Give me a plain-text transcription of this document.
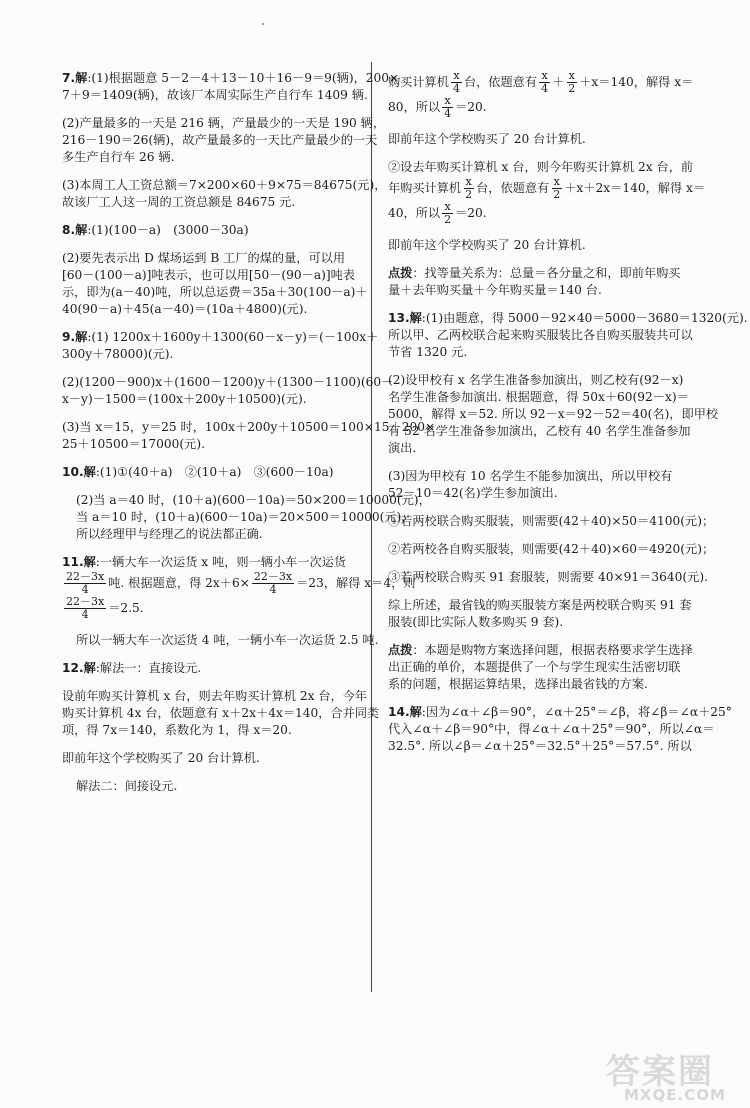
7.解:(1)根据题意 5－2－4＋13－10＋16－9＝9(辆)，200×
7＋9＝1409(辆)，故该厂本周实际生产自行车 1409 辆.
(2)产量最多的一天是 216 辆，产量最少的一天是 190 辆，
216－190＝26(辆)，故产量最多的一天比产量最少的一天
多生产自行车 26 辆.
(3)本周工人工资总额＝7×200×60＋9×75＝84675(元)，
故该厂工人这一周的工资总额是 84675 元.
8.解:(1)(100－a)　(3000－30a)
(2)要先表示出 D 煤场运到 B 工厂的煤的量，可以用
[60－(100－a)]吨表示，也可以用[50－(90－a)]吨表
示，即为(a－40)吨，所以总运费＝35a＋30(100－a)＋
40(90－a)＋45(a－40)＝(10a＋4800)(元).
9.解:(1) 1200x＋1600y＋1300(60－x－y)＝(－100x＋
300y＋78000)(元).
(2)(1200－900)x＋(1600－1200)y＋(1300－1100)(60－
x－y)－1500＝(100x＋200y＋10500)(元).
(3)当 x＝15，y＝25 时，100x＋200y＋10500＝100×15＋200×
25＋10500＝17000(元).
10.解:(1)①(40＋a)　②(10＋a)　③(600－10a)
(2)当 a＝40 时，(10＋a)(600－10a)＝50×200＝10000(元)，
当 a＝10 时，(10＋a)(600－10a)＝20×500＝10000(元)，
所以经理甲与经理乙的说法都正确.
11.解:一辆大车一次运货 x 吨，则一辆小车一次运货
$\frac{22-3x}{4}$ 吨. 根据题意，得 $2x+6\times \frac{22-3x}{4} =23$，解得 x＝4，则
$\frac{22-3x}{4} =2.5$.
所以一辆大车一次运货 4 吨，一辆小车一次运货 2.5 吨.
12.解:解法一：直接设元.
设前年购买计算机 x 台，则去年购买计算机 2x 台，今年
购买计算机 4x 台，依题意有 x＋2x＋4x＝140，合并同类
项，得 7x＝140，系数化为 1，得 x＝20.
即前年这个学校购买了 20 台计算机.
解法二：间接设元.
购买计算机 $\frac{x}{4}$ 台，依题意有 $\frac{x}{4} + \frac{x}{2} +x=140$，解得 x＝
80，所以 $\frac{x}{4} =20$.
即前年这个学校购买了 20 台计算机.
②设去年购买计算机 x 台，则今年购买计算机 2x 台，前
年购买计算机 $\frac{x}{2}$ 台，依题意有 $\frac{x}{2} +x+2x=140$，解得 x＝
40，所以 $\frac{x}{2} =20$.
即前年这个学校购买了 20 台计算机.
点拨：找等量关系为：总量＝各分量之和，即前年购买
量＋去年购买量＋今年购买量＝140 台.
13.解:(1)由题意，得 5000－92×40＝5000－3680＝1320(元).
所以甲、乙两校联合起来购买服装比各自购买服装共可以
节省 1320 元.
(2)设甲校有 x 名学生准备参加演出，则乙校有(92－x)
名学生准备参加演出. 根据题意，得 50x＋60(92－x)＝
5000，解得 x＝52. 所以 92－x＝92－52＝40(名)，即甲校
有 52 名学生准备参加演出，乙校有 40 名学生准备参加
演出.
(3)因为甲校有 10 名学生不能参加演出，所以甲校有
52－10＝42(名)学生参加演出.
①若两校联合购买服装，则需要(42＋40)×50＝4100(元)；
②若两校各自购买服装，则需要(42＋40)×60＝4920(元)；
③若两校联合购买 91 套服装，则需要 40×91＝3640(元).
综上所述，最省钱的购买服装方案是两校联合购买 91 套
服装(即比实际人数多购买 9 套).
点拨：本题是购物方案选择问题，根据表格要求学生选择
出正确的单价，本题提供了一个与学生现实生活密切联
系的问题，根据运算结果，选择出最省钱的方案.
14.解:因为∠α＋∠β＝90°，∠α＋25°＝∠β，将∠β＝∠α＋25°
代入∠α＋∠β＝90°中，得∠α＋∠α＋25°＝90°，所以∠α＝
32.5°. 所以∠β＝∠α＋25°＝32.5°＋25°＝57.5°. 所以
答案圈
MXQE.COM
